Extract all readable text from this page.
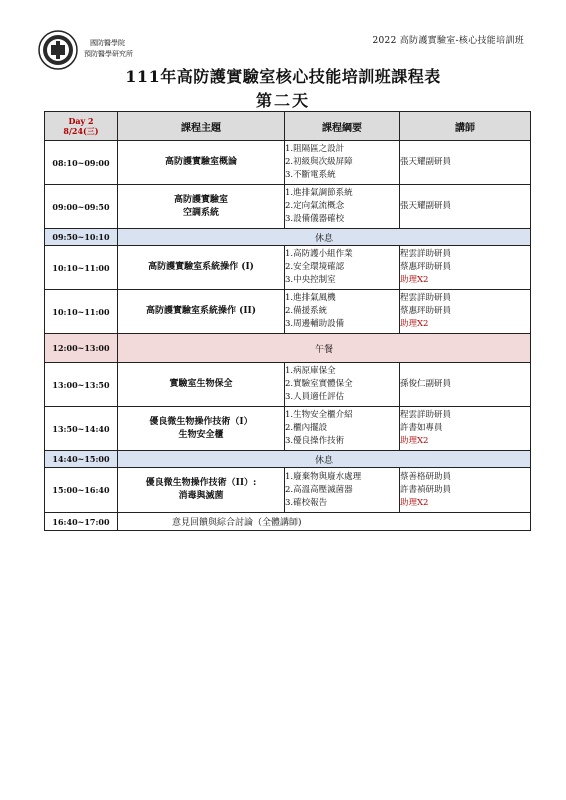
2022 高防護實驗室-核心技能培訓班
國防醫學院
預防醫學研究所
111年高防護實驗室核心技能培訓班課程表
第二天
Day 2
8/24(三)	課程主題	課程綱要	講師
08:10~09:00	高防護實驗室概論	1.阻隔區之設計
2.初級與次級屏障
3.不斷電系統	張天耀副研員

09:00~09:50	高防護實驗室
空調系統	1.進排氣調節系統
2.定向氣流概念
3.設備儀器確校	張天耀副研員

09:50~10:10	休息		
10:10~11:00	高防護實驗室系統操作 (I)	1.高防護小組作業
2.安全環境確認
3.中央控制室	程雲詳助研員
蔡惠玶助研員
助理X2

10:10~11:00	高防護實驗室系統操作 (II)	1.進排氣風機
2.備援系統
3.周邊輔助設備	程雲詳助研員
蔡惠玶助研員
助理X2

12:00~13:00	午餐		
13:00~13:50	實驗室生物保全	1.病原庫保全
2.實驗室實體保全
3.人員適任評估	孫俊仁副研員

13:50~14:40	優良微生物操作技術（I）
生物安全櫃	1.生物安全櫃介紹
2.櫃內擺設
3.優良操作技術	程雲詳助研員
許書如專員
助理X2

14:40~15:00	休息		
15:00~16:40	優良微生物操作技術（II）:
消毒與滅菌	1.廢棄物與廢水處理
2.高溫高壓滅菌器
3.確校報告	蔡善格研助員
許書禎研助員
助理X2

16:40~17:00	意見回饋與綜合討論（全體講師)		
